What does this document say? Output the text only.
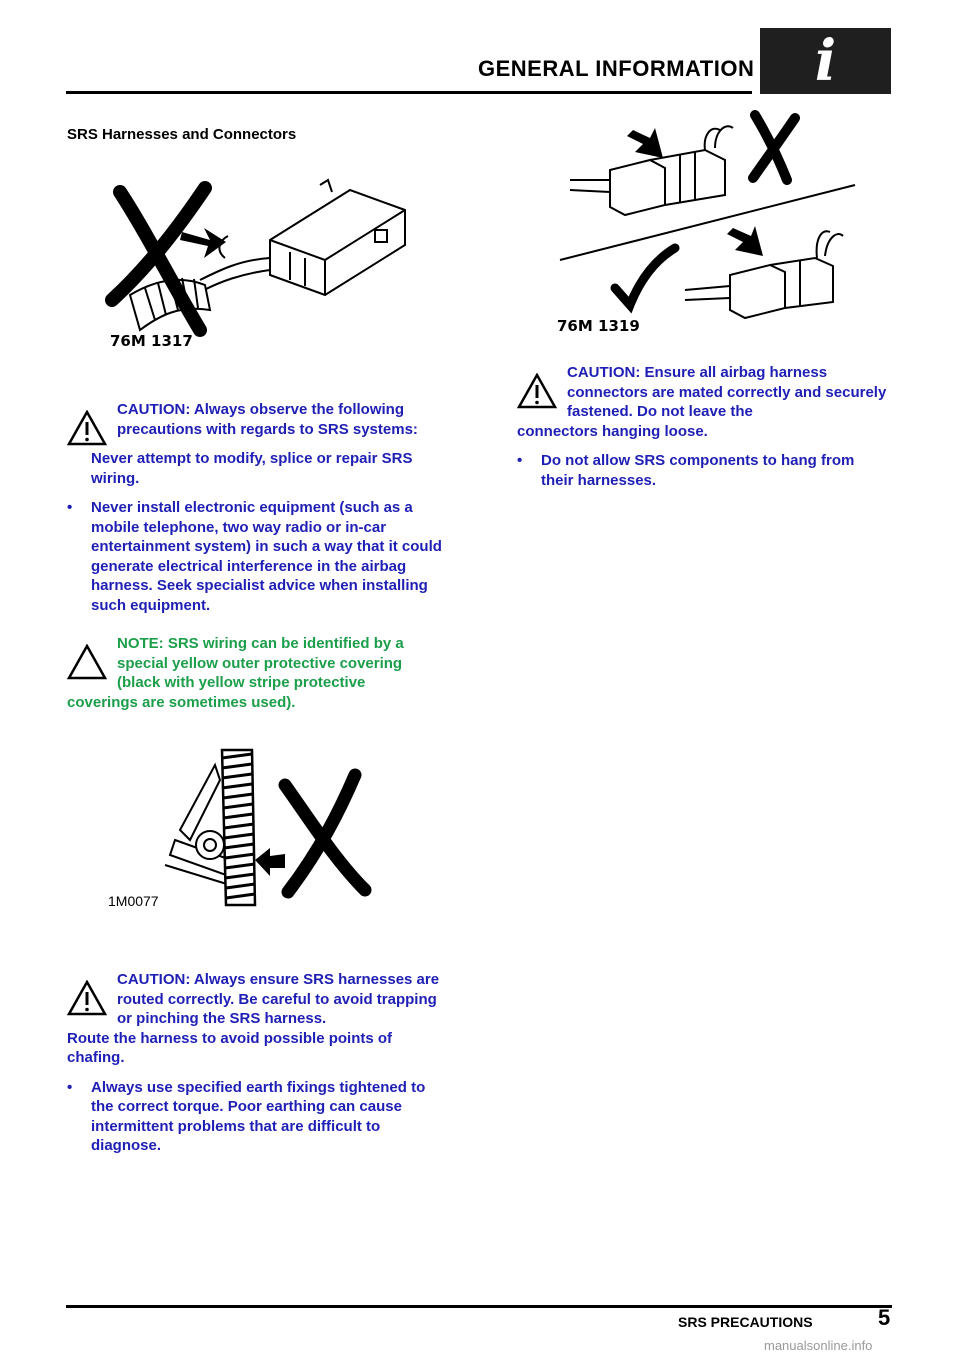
GENERAL INFORMATION i
SRS Harnesses and Connectors
76M 1317
76M 1319

CAUTION: Always observe the following precautions with regards to SRS systems:

Never attempt to modify, splice or repair SRS wiring.

• Never install electronic equipment (such as a mobile telephone, two way radio or in-car entertainment system) in such a way that it could generate electrical interference in the airbag harness. Seek specialist advice when installing such equipment.

NOTE: SRS wiring can be identified by a special yellow outer protective covering (black with yellow stripe protective

coverings are sometimes used).

1M0077

CAUTION: Always ensure SRS harnesses are routed correctly. Be careful to avoid trapping or pinching the SRS harness.

Route the harness to avoid possible points of chafing.

• Always use specified earth fixings tightened to the correct torque. Poor earthing can cause intermittent problems that are difficult to diagnose.

CAUTION: Ensure all airbag harness connectors are mated correctly and securely fastened. Do not leave the

connectors hanging loose.

• Do not allow SRS components to hang from their harnesses.
SRS PRECAUTIONS	5
manualsonline.info
